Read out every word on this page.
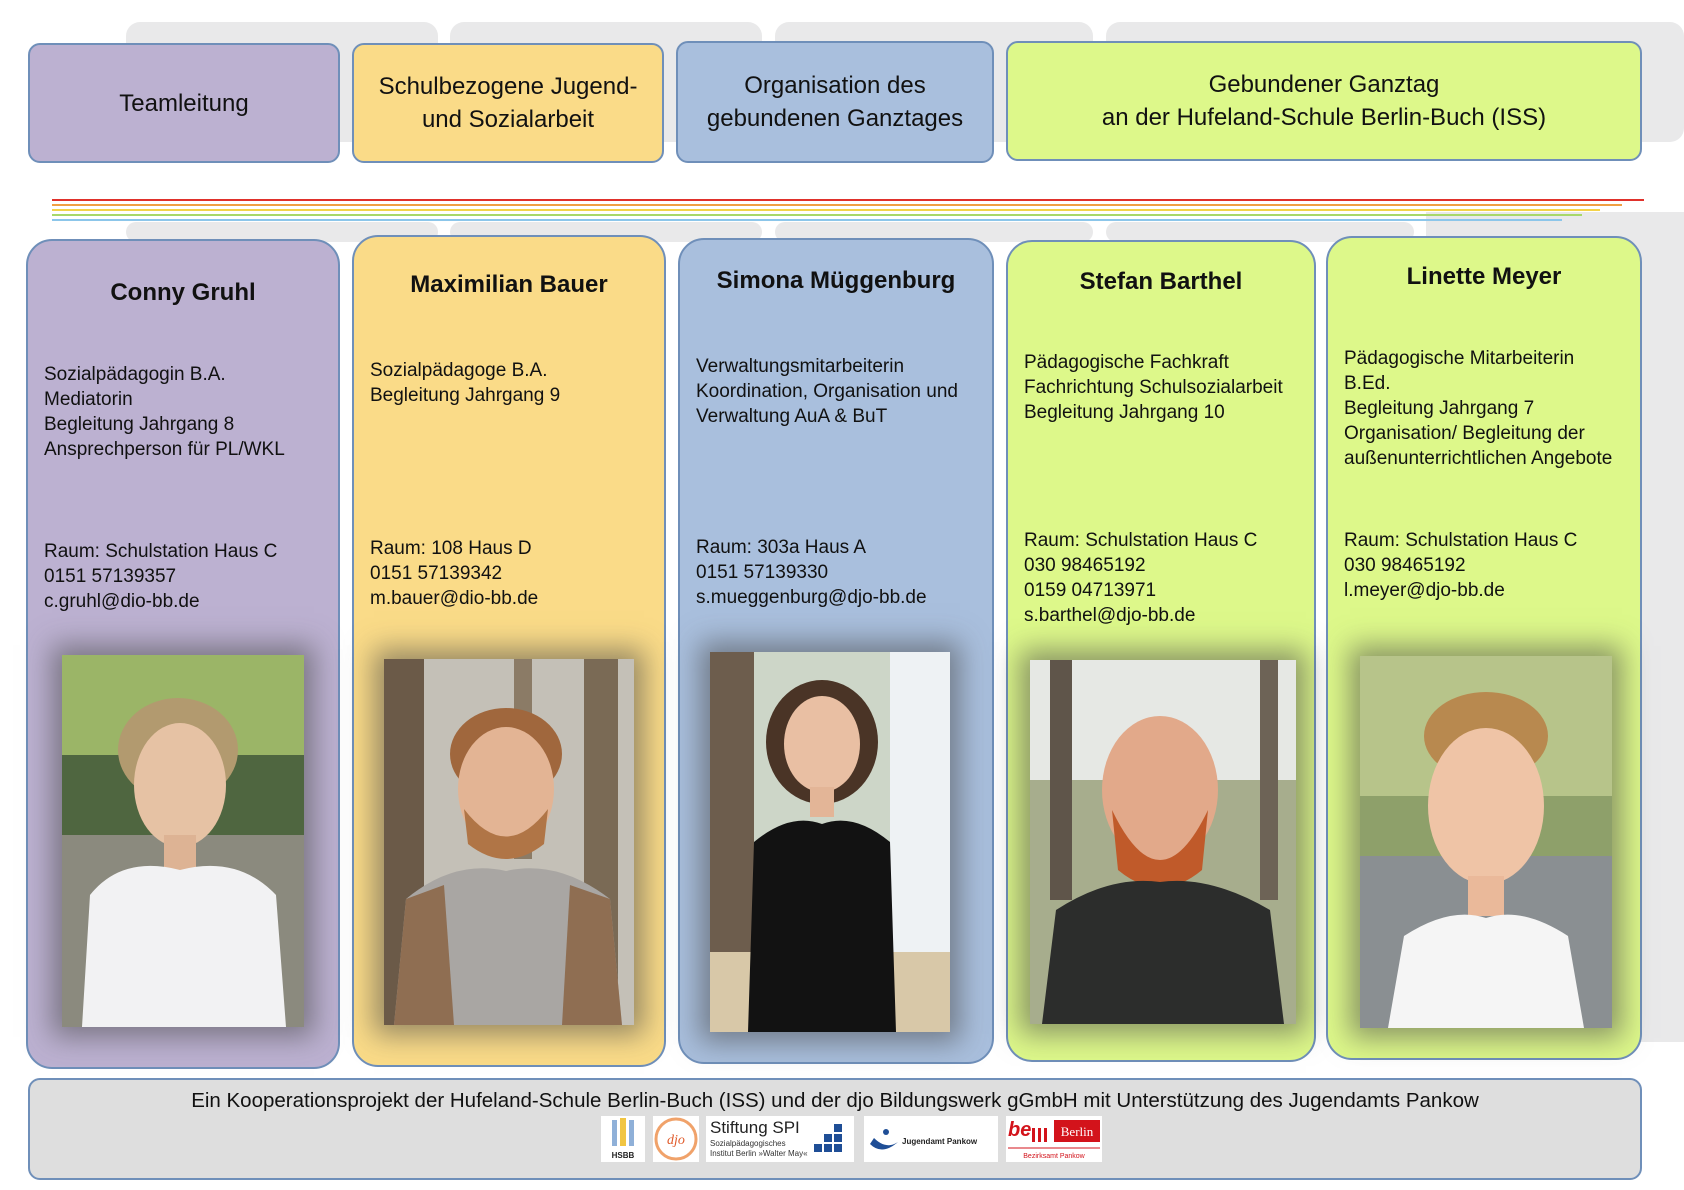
Teamleitung
Schulbezogene Jugend-
und Sozialarbeit
Organisation des
gebundenen Ganztages
Gebundener Ganztag
an der Hufeland-Schule Berlin-Buch (ISS)
Conny Gruhl
Sozialpädagogin B.A.
Mediatorin
Begleitung Jahrgang 8
Ansprechperson für PL/WKL
Raum: Schulstation Haus C
0151 57139357
c.gruhl@dio-bb.de
Maximilian Bauer
Sozialpädagoge B.A.
Begleitung Jahrgang 9
Raum: 108 Haus D
0151 57139342
m.bauer@dio-bb.de
Simona Müggenburg
Verwaltungsmitarbeiterin
Koordination, Organisation und
Verwaltung AuA & BuT
Raum: 303a Haus A
0151 57139330
s.mueggenburg@djo-bb.de
Stefan Barthel
Pädagogische Fachkraft
Fachrichtung Schulsozialarbeit
Begleitung Jahrgang 10
Raum: Schulstation Haus C
030 98465192
0159 04713971
s.barthel@djo-bb.de
Linette Meyer
Pädagogische Mitarbeiterin
B.Ed.
Begleitung Jahrgang 7
Organisation/ Begleitung der
außenunterrichtlichen Angebote
Raum: Schulstation Haus C
030 98465192
l.meyer@djo-bb.de
Ein Kooperationsprojekt der Hufeland-Schule Berlin-Buch (ISS) und der djo Bildungswerk gGmbH mit Unterstützung des Jugendamts Pankow
HSBB
djo
Stiftung SPI
Sozialpädagogisches
Institut Berlin »Walter May«
Jugendamt Pankow
be Berlin
Bezirksamt Pankow
